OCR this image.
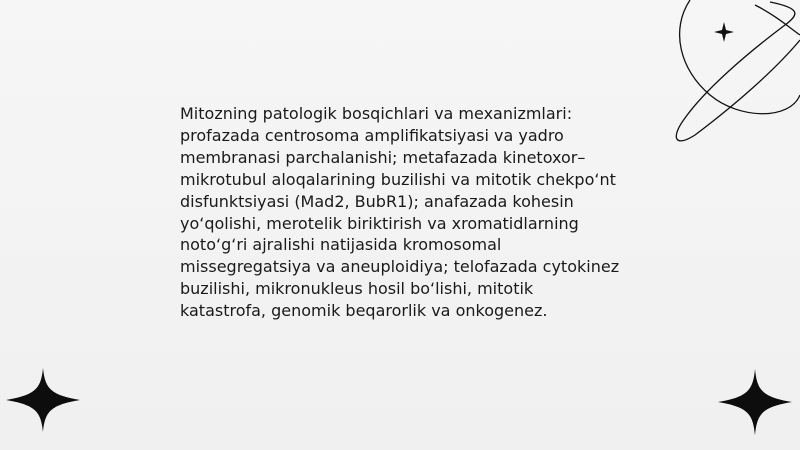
Mitozning patologik bosqichlari va mexanizmlari: profazada centrosoma amplifikatsiyasi va yadro membranasi parchalanishi; metafazada kinetoxor–mikrotubul aloqalarining buzilishi va mitotik chekpo‘nt disfunktsiyasi (Mad2, BubR1); anafazada kohesin yo‘qolishi, merotelik biriktirish va xromatidlarning noto‘g‘ri ajralishi natijasida kromosomal missegregatsiya va aneuploidiya; telofazada cytokinez buzilishi, mikronukleus hosil bo‘lishi, mitotik katastrofa, genomik beqarorlik va onkogenez.
